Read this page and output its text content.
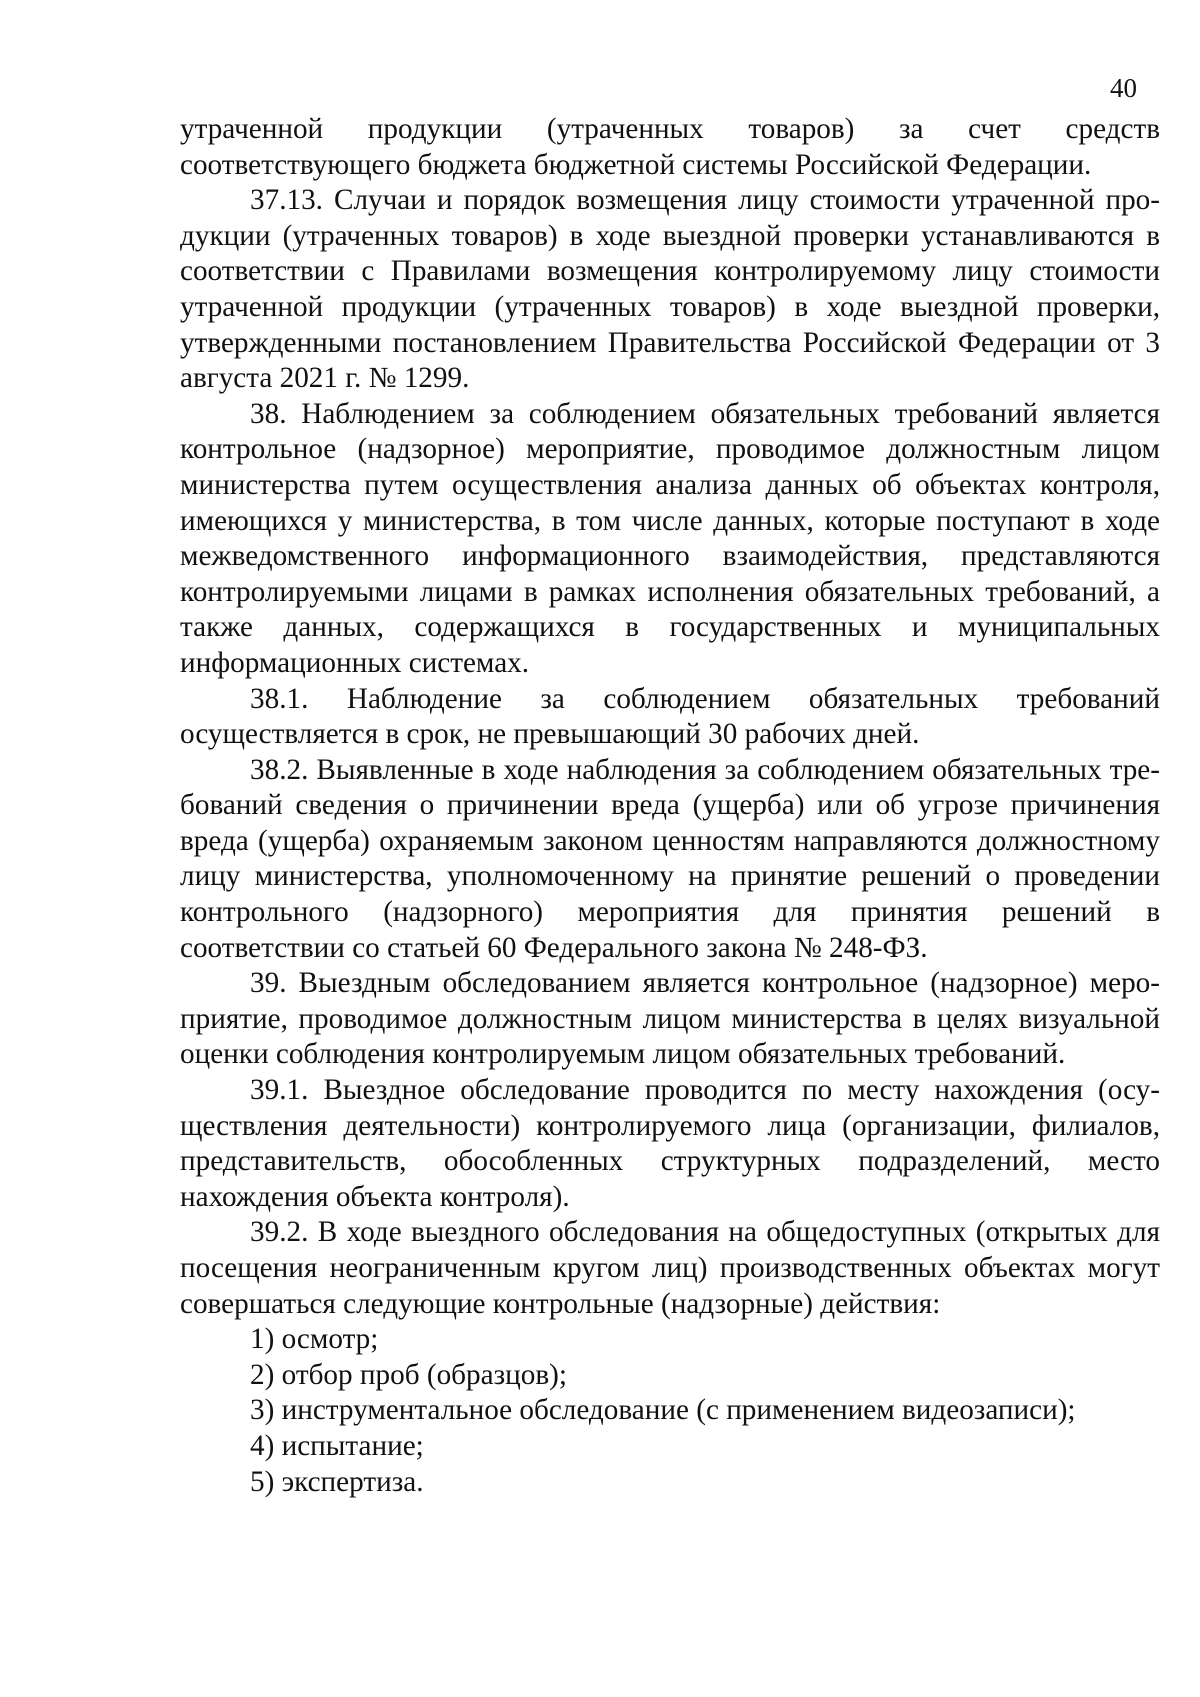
40

утраченной продукции (утраченных товаров) за счет средств соответствующего бюджета бюджетной системы Российской Федерации.

37.13. Случаи и порядок возмещения лицу стоимости утраченной продукции (утраченных товаров) в ходе выездной проверки устанавливаются в соответствии с Правилами возмещения контролируемому лицу стоимости утраченной продукции (утраченных товаров) в ходе выездной проверки, утвержденными постановлением Правительства Российской Федерации от 3 августа 2021 г. № 1299.

38. Наблюдением за соблюдением обязательных требований является контрольное (надзорное) мероприятие, проводимое должностным лицом министерства путем осуществления анализа данных об объектах контроля, имеющихся у министерства, в том числе данных, которые поступают в ходе межведомственного информационного взаимодействия, представляются контролируемыми лицами в рамках исполнения обязательных требований, а также данных, содержащихся в государственных и муниципальных информационных системах.

38.1. Наблюдение за соблюдением обязательных требований осуществляется в срок, не превышающий 30 рабочих дней.

38.2. Выявленные в ходе наблюдения за соблюдением обязательных требований сведения о причинении вреда (ущерба) или об угрозе причинения вреда (ущерба) охраняемым законом ценностям направляются должностному лицу министерства, уполномоченному на принятие решений о проведении контрольного (надзорного) мероприятия для принятия решений в соответствии со статьей 60 Федерального закона № 248-ФЗ.

39. Выездным обследованием является контрольное (надзорное) мероприятие, проводимое должностным лицом министерства в целях визуальной оценки соблюдения контролируемым лицом обязательных требований.

39.1. Выездное обследование проводится по месту нахождения (осуществления деятельности) контролируемого лица (организации, филиалов, представительств, обособленных структурных подразделений, место нахождения объекта контроля).

39.2. В ходе выездного обследования на общедоступных (открытых для посещения неограниченным кругом лиц) производственных объектах могут совершаться следующие контрольные (надзорные) действия:

1) осмотр;

2) отбор проб (образцов);

3) инструментальное обследование (с применением видеозаписи);

4) испытание;

5) экспертиза.
